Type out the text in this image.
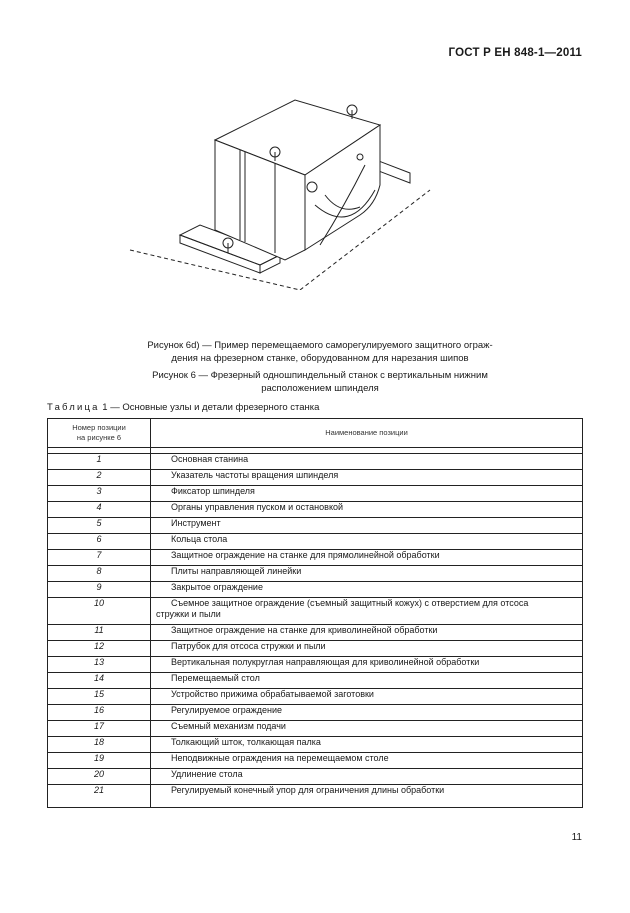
ГОСТ Р ЕН 848-1—2011
Рисунок 6d) — Пример перемещаемого саморегулируемого защитного ограж-
дения на фрезерном станке, оборудованном для нарезания шипов
Рисунок 6 — Фрезерный одношпиндельный станок с вертикальным нижним
расположением шпинделя
Таблица 1 — Основные узлы и детали фрезерного станка
Номер позиции
на рисунке 6	Наименование позиции

1	Основная станина
2	Указатель частоты вращения шпинделя
3	Фиксатор шпинделя
4	Органы управления пуском и остановкой
5	Инструмент
6	Кольца стола
7	Защитное ограждение на станке для прямолинейной обработки
8	Плиты направляющей линейки
9	Закрытое ограждение
10	Съемное защитное ограждение (съемный защитный кожух) с отверстием для отсоса
стружки и пыли

11	Защитное ограждение на станке для криволинейной обработки
12	Патрубок для отсоса стружки и пыли
13	Вертикальная полукруглая направляющая для криволинейной обработки
14	Перемещаемый стол
15	Устройство прижима обрабатываемой заготовки
16	Регулируемое ограждение
17	Съемный механизм подачи
18	Толкающий шток, толкающая палка
19	Неподвижные ограждения на перемещаемом столе
20	Удлинение стола
21	Регулируемый конечный упор для ограничения длины обработки
11
